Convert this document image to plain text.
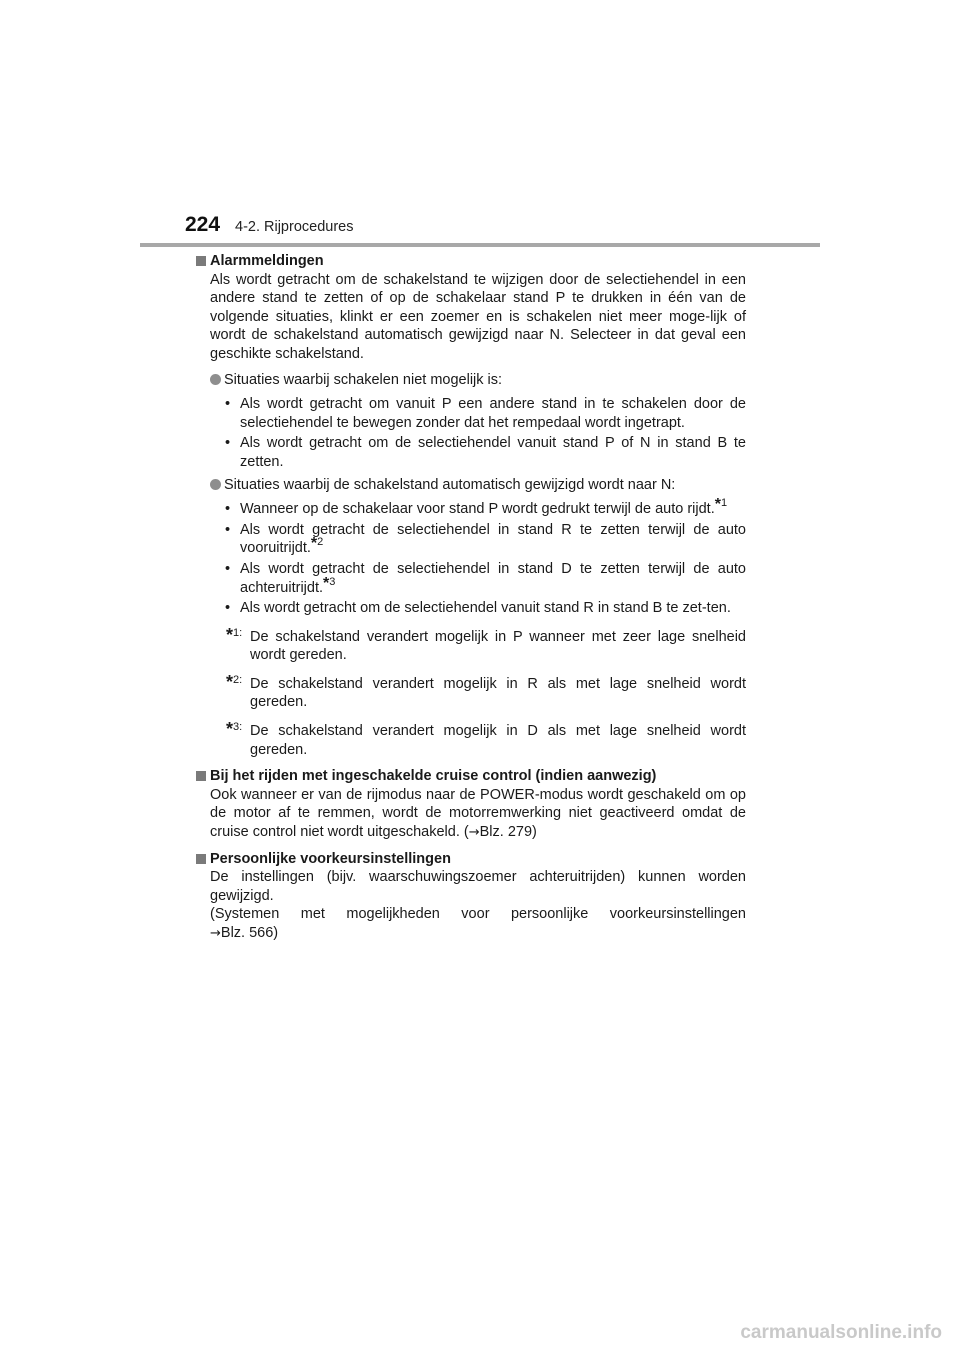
224 4-2. Rijprocedures
Alarmmeldingen
Als wordt getracht om de schakelstand te wijzigen door de selectiehendel in een andere stand te zetten of op de schakelaar stand P te drukken in één van de volgende situaties, klinkt er een zoemer en is schakelen niet meer moge-lijk of wordt de schakelstand automatisch gewijzigd naar N. Selecteer in dat geval een geschikte schakelstand.
Situaties waarbij schakelen niet mogelijk is:
• Als wordt getracht om vanuit P een andere stand in te schakelen door de selectiehendel te bewegen zonder dat het rempedaal wordt ingetrapt.
• Als wordt getracht om de selectiehendel vanuit stand P of N in stand B te zetten.
Situaties waarbij de schakelstand automatisch gewijzigd wordt naar N:
• Wanneer op de schakelaar voor stand P wordt gedrukt terwijl de auto rijdt.$^{*1}$
• Als wordt getracht de selectiehendel in stand R te zetten terwijl de auto vooruitrijdt.$^{*2}$
• Als wordt getracht de selectiehendel in stand D te zetten terwijl de auto achteruitrijdt.$^{*3}$
• Als wordt getracht om de selectiehendel vanuit stand R in stand B te zet-ten.
*1: De schakelstand verandert mogelijk in P wanneer met zeer lage snelheid wordt gereden.
*2: De schakelstand verandert mogelijk in R als met lage snelheid wordt gereden.
*3: De schakelstand verandert mogelijk in D als met lage snelheid wordt gereden.
Bij het rijden met ingeschakelde cruise control (indien aanwezig)
Ook wanneer er van de rijmodus naar de POWER-modus wordt geschakeld om op de motor af te remmen, wordt de motorremwerking niet geactiveerd omdat de cruise control niet wordt uitgeschakeld. (→Blz. 279)
Persoonlijke voorkeursinstellingen
De instellingen (bijv. waarschuwingszoemer achteruitrijden) kunnen worden gewijzigd.
(Systemen met mogelijkheden voor persoonlijke voorkeursinstellingen
→Blz. 566)
carmanualsonline.info
